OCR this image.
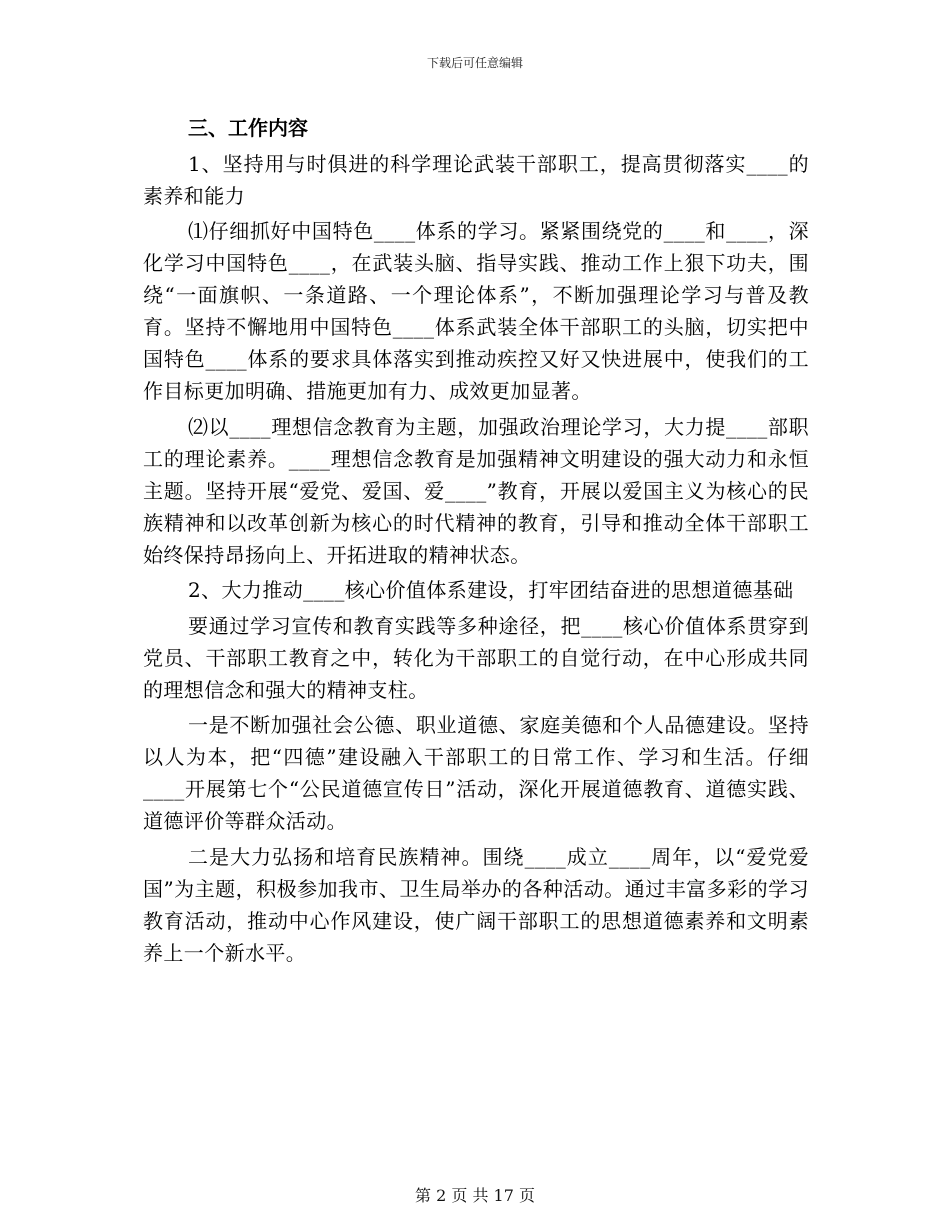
下载后可任意编辑
三、工作内容

1、坚持用与时俱进的科学理论武装干部职工，提高贯彻落实____的素养和能力

⑴仔细抓好中国特色____体系的学习。紧紧围绕党的____和____，深化学习中国特色____，在武装头脑、指导实践、推动工作上狠下功夫，围绕“一面旗帜、一条道路、一个理论体系”，不断加强理论学习与普及教育。坚持不懈地用中国特色____体系武装全体干部职工的头脑，切实把中国特色____体系的要求具体落实到推动疾控又好又快进展中，使我们的工作目标更加明确、措施更加有力、成效更加显著。

⑵以____理想信念教育为主题，加强政治理论学习，大力提____部职工的理论素养。____理想信念教育是加强精神文明建设的强大动力和永恒主题。坚持开展“爱党、爱国、爱____”教育，开展以爱国主义为核心的民族精神和以改革创新为核心的时代精神的教育，引导和推动全体干部职工始终保持昂扬向上、开拓进取的精神状态。

2、大力推动____核心价值体系建设，打牢团结奋进的思想道德基础

要通过学习宣传和教育实践等多种途径，把____核心价值体系贯穿到党员、干部职工教育之中，转化为干部职工的自觉行动，在中心形成共同的理想信念和强大的精神支柱。

一是不断加强社会公德、职业道德、家庭美德和个人品德建设。坚持以人为本，把“四德”建设融入干部职工的日常工作、学习和生活。仔细____开展第七个“公民道德宣传日”活动，深化开展道德教育、道德实践、道德评价等群众活动。

二是大力弘扬和培育民族精神。围绕____成立____周年，以“爱党爱国”为主题，积极参加我市、卫生局举办的各种活动。通过丰富多彩的学习教育活动，推动中心作风建设，使广阔干部职工的思想道德素养和文明素养上一个新水平。

第 2 页 共 17 页
